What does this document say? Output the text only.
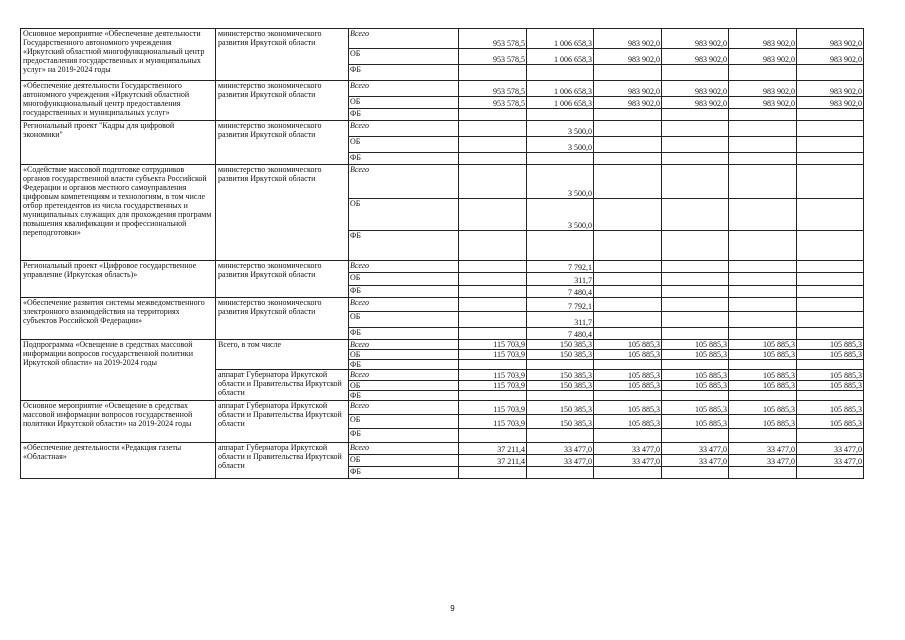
Основное мероприятие «Обеспечение деятельности Государственного автономного учреждения «Иркутский областной многофункциональный центр предоставления государственных и муниципальных услуг» на 2019-2024 годы	министерство экономического развития Иркутской области	Всего	953 578,5	1 006 658,3	983 902,0	983 902,0	983 902,0	983 902,0
		ОБ	953 578,5	1 006 658,3	983 902,0	983 902,0	983 902,0	983 902,0
		ФБ						
«Обеспечение деятельности Государственного автономного учреждения «Иркутский областной многофункциональный центр предоставления государственных и муниципальных услуг»	министерство экономического развития Иркутской области	Всего	953 578,5	1 006 658,3	983 902,0	983 902,0	983 902,0	983 902,0
		ОБ	953 578,5	1 006 658,3	983 902,0	983 902,0	983 902,0	983 902,0
		ФБ						
Региональный проект "Кадры для цифровой экономики"	министерство экономического развития Иркутской области	Всего		3 500,0				
		ОБ		3 500,0				
		ФБ						
«Содействие массовой подготовке сотрудников органов государственной власти субъекта Российской Федерации и органов местного самоуправления цифровым компетенциям и технологиям, в том числе отбор претендентов из числа государственных и муниципальных служащих для прохождения программ повышения квалификации и профессиональной переподготовки»	министерство экономического развития Иркутской области	Всего		3 500,0				
		ОБ		3 500,0				
		ФБ						
Региональный проект «Цифровое государственное управление (Иркутская область)»	министерство экономического развития Иркутской области	Всего		7 792,1				
		ОБ		311,7				
		ФБ		7 480,4				
«Обеспечение развития системы межведомственного электронного взаимодействия на территориях субъектов Российской Федерации»	министерство экономического развития Иркутской области	Всего		7 792,1				
		ОБ		311,7				
		ФБ		7 480,4				
Подпрограмма «Освещение в средствах массовой информации вопросов государственной политики Иркутской области» на 2019-2024 годы	Всего, в том числе	Всего	115 703,9	150 385,3	105 885,3	105 885,3	105 885,3	105 885,3
		ОБ	115 703,9	150 385,3	105 885,3	105 885,3	105 885,3	105 885,3
		ФБ						
	аппарат Губернатора Иркутской области и Правительства Иркутской области	Всего	115 703,9	150 385,3	105 885,3	105 885,3	105 885,3	105 885,3
		ОБ	115 703,9	150 385,3	105 885,3	105 885,3	105 885,3	105 885,3
		ФБ						
Основное мероприятие «Освещение в средствах массовой информации вопросов государственной политики Иркутской области» на 2019-2024 годы	аппарат Губернатора Иркутской области и Правительства Иркутской области	Всего	115 703,9	150 385,3	105 885,3	105 885,3	105 885,3	105 885,3
		ОБ	115 703,9	150 385,3	105 885,3	105 885,3	105 885,3	105 885,3
		ФБ						
«Обеспечение деятельности «Редакция газеты «Областная»	аппарат Губернатора Иркутской области и Правительства Иркутской области	Всего	37 211,4	33 477,0	33 477,0	33 477,0	33 477,0	33 477,0
		ОБ	37 211,4	33 477,0	33 477,0	33 477,0	33 477,0	33 477,0
		ФБ						
9
